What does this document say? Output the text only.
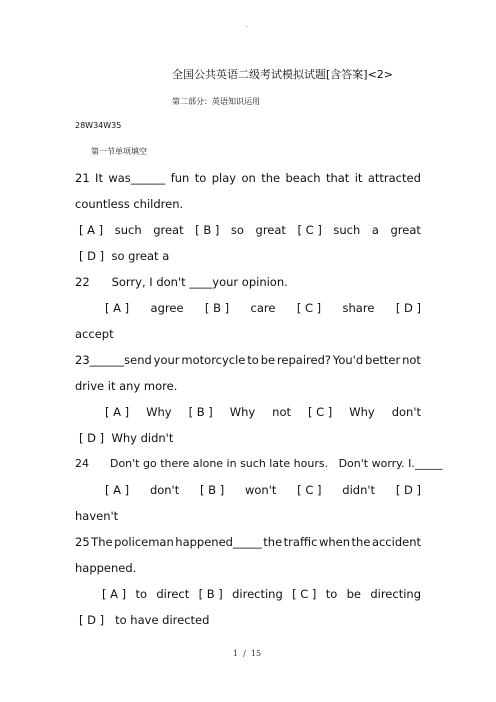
.
全国公共英语二级考试模拟试题[含答案]<2>
第二部分：英语知识运用
28W34W35
第一节单项填空
21 It was______ fun to play on the beach that it attracted
countless children.
[ A ] such great [ B ] so great [ C ] such a great
[ D ]  so great a
22      Sorry, I don't ____your opinion.
[ A ] agree [ B ] care [ C ] share [ D ]
accept
23______send your motorcycle to be repaired? You'd better not
drive it any more.
[ A ] Why [ B ] Why not [ C ] Why don't
[ D ]  Why didn't
24      Don't go there alone in such late hours.   Don't worry. I._____
[ A ] don't [ B ] won't [ C ] didn't [ D ]
haven't
25 The policeman happened_____ the traffic when the accident
happened.
[ A ] to direct [ B ] directing [ C ] to be directing
[ D ]   to have directed
1  /  15
